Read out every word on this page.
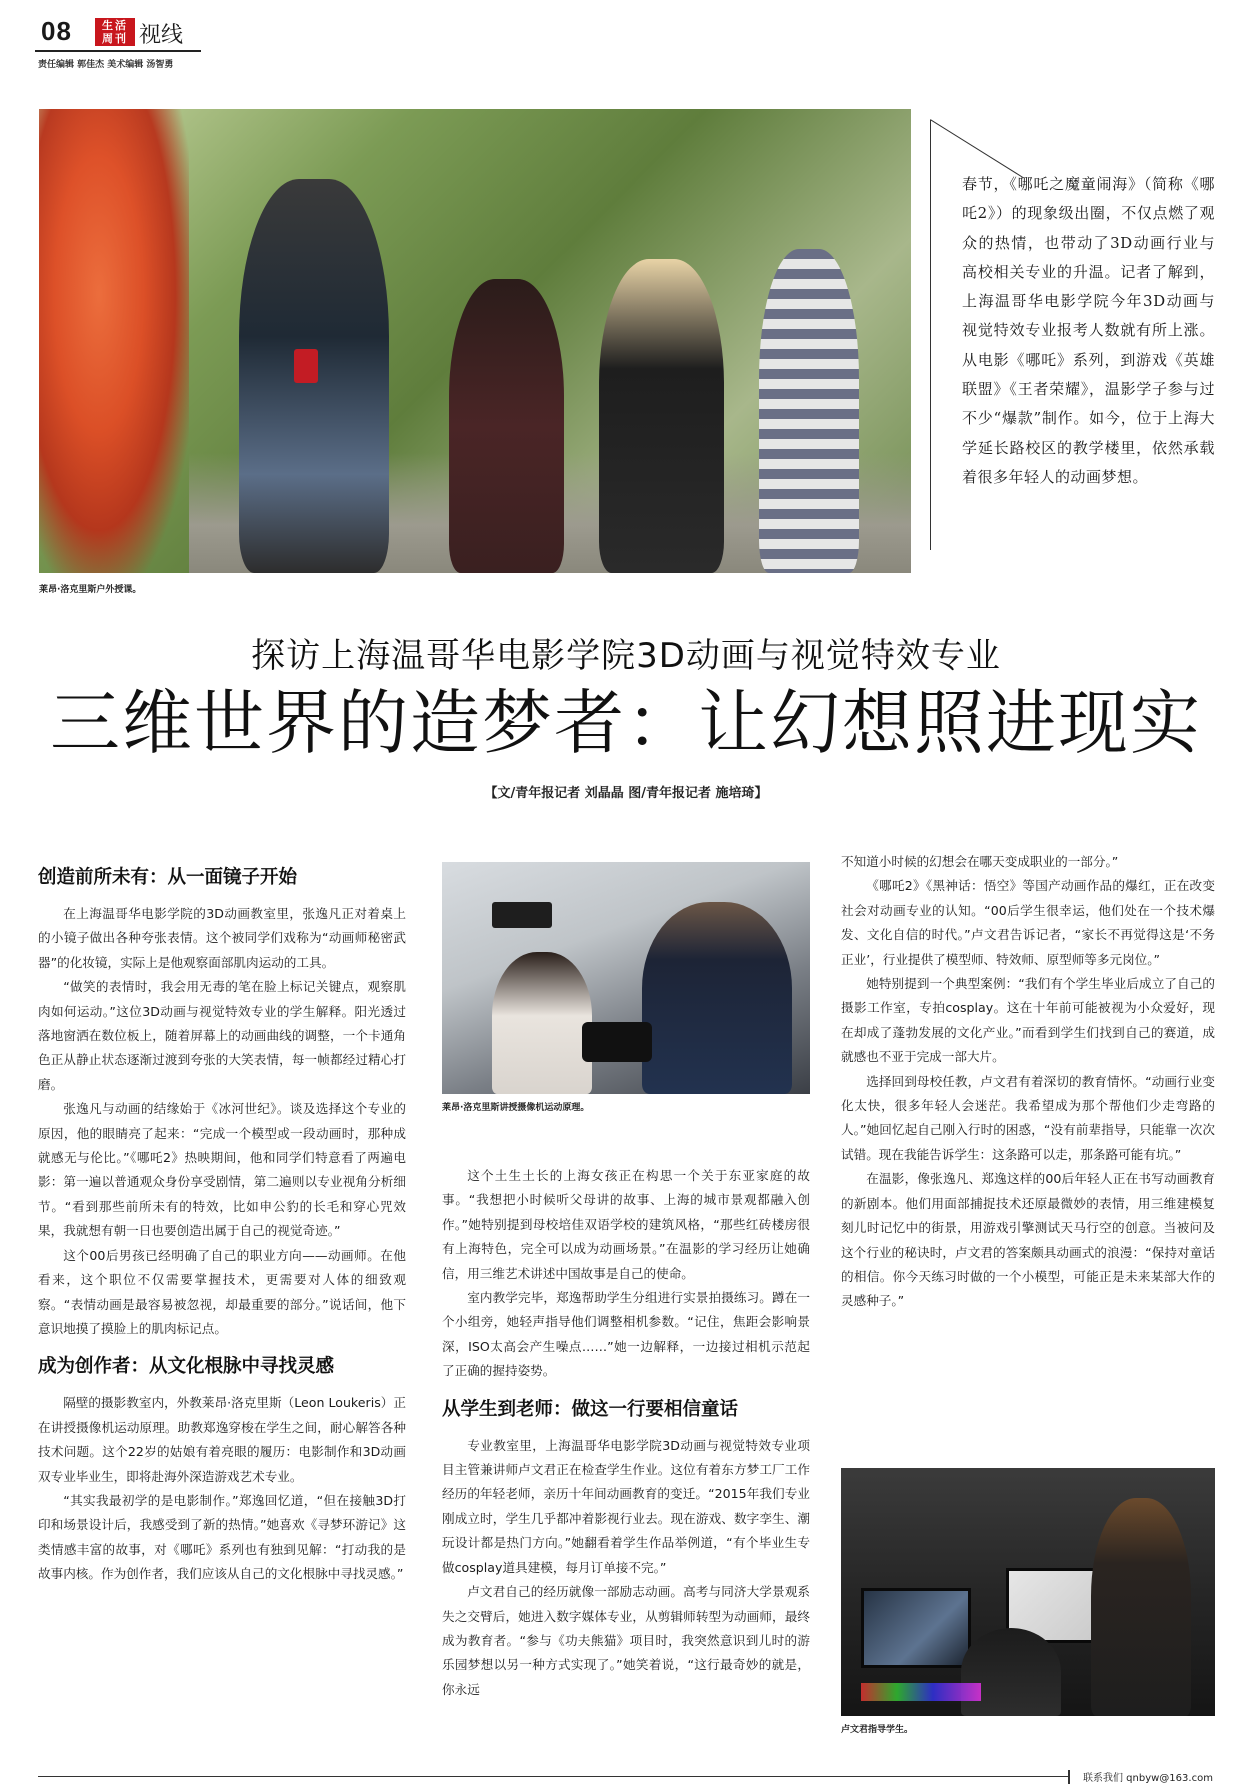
08	生活
周刊 视线
责任编辑 郭佳杰 美术编辑 汤智勇
莱昂·洛克里斯户外授课。

春节，《哪吒之魔童闹海》（简称《哪吒2》）的现象级出圈，不仅点燃了观众的热情，也带动了3D动画行业与高校相关专业的升温。记者了解到，上海温哥华电影学院今年3D动画与视觉特效专业报考人数就有所上涨。从电影《哪吒》系列，到游戏《英雄联盟》《王者荣耀》，温影学子参与过不少“爆款”制作。如今，位于上海大学延长路校区的教学楼里，依然承载着很多年轻人的动画梦想。

探访上海温哥华电影学院3D动画与视觉特效专业
三维世界的造梦者：让幻想照进现实
【文/青年报记者 刘晶晶 图/青年报记者 施培琦】
创造前所未有：从一面镜子开始

在上海温哥华电影学院的3D动画教室里，张逸凡正对着桌上的小镜子做出各种夸张表情。这个被同学们戏称为“动画师秘密武器”的化妆镜，实际上是他观察面部肌肉运动的工具。

“做笑的表情时，我会用无毒的笔在脸上标记关键点，观察肌肉如何运动。”这位3D动画与视觉特效专业的学生解释。阳光透过落地窗洒在数位板上，随着屏幕上的动画曲线的调整，一个卡通角色正从静止状态逐渐过渡到夸张的大笑表情，每一帧都经过精心打磨。

张逸凡与动画的结缘始于《冰河世纪》。谈及选择这个专业的原因，他的眼睛亮了起来：“完成一个模型或一段动画时，那种成就感无与伦比。”《哪吒2》热映期间，他和同学们特意看了两遍电影：第一遍以普通观众身份享受剧情，第二遍则以专业视角分析细节。“看到那些前所未有的特效，比如申公豹的长毛和穿心咒效果，我就想有朝一日也要创造出属于自己的视觉奇迹。”

这个00后男孩已经明确了自己的职业方向——动画师。在他看来，这个职位不仅需要掌握技术，更需要对人体的细致观察。“表情动画是最容易被忽视，却最重要的部分。”说话间，他下意识地摸了摸脸上的肌肉标记点。

成为创作者：从文化根脉中寻找灵感

隔壁的摄影教室内，外教莱昂·洛克里斯（Leon Loukeris）正在讲授摄像机运动原理。助教郑逸穿梭在学生之间，耐心解答各种技术问题。这个22岁的姑娘有着亮眼的履历：电影制作和3D动画双专业毕业生，即将赴海外深造游戏艺术专业。

“其实我最初学的是电影制作。”郑逸回忆道，“但在接触3D打印和场景设计后，我感受到了新的热情。”她喜欢《寻梦环游记》这类情感丰富的故事，对《哪吒》系列也有独到见解：“打动我的是故事内核。作为创作者，我们应该从自己的文化根脉中寻找灵感。”

莱昂·洛克里斯讲授摄像机运动原理。

这个土生土长的上海女孩正在构思一个关于东亚家庭的故事。“我想把小时候听父母讲的故事、上海的城市景观都融入创作。”她特别提到母校培佳双语学校的建筑风格，“那些红砖楼房很有上海特色，完全可以成为动画场景。”在温影的学习经历让她确信，用三维艺术讲述中国故事是自己的使命。

室内教学完毕，郑逸帮助学生分组进行实景拍摄练习。蹲在一个小组旁，她轻声指导他们调整相机参数。“记住，焦距会影响景深，ISO太高会产生噪点……”她一边解释，一边接过相机示范起了正确的握持姿势。

从学生到老师：做这一行要相信童话

专业教室里，上海温哥华电影学院3D动画与视觉特效专业项目主管兼讲师卢文君正在检查学生作业。这位有着东方梦工厂工作经历的年轻老师，亲历十年间动画教育的变迁。“2015年我们专业刚成立时，学生几乎都冲着影视行业去。现在游戏、数字孪生、潮玩设计都是热门方向。”她翻看着学生作品举例道，“有个毕业生专做cosplay道具建模，每月订单接不完。”

卢文君自己的经历就像一部励志动画。高考与同济大学景观系失之交臂后，她进入数字媒体专业，从剪辑师转型为动画师，最终成为教育者。“参与《功夫熊猫》项目时，我突然意识到儿时的游乐园梦想以另一种方式实现了。”她笑着说，“这行最奇妙的就是，你永远

不知道小时候的幻想会在哪天变成职业的一部分。”

《哪吒2》《黑神话：悟空》等国产动画作品的爆红，正在改变社会对动画专业的认知。“00后学生很幸运，他们处在一个技术爆发、文化自信的时代。”卢文君告诉记者，“家长不再觉得这是‘不务正业’，行业提供了模型师、特效师、原型师等多元岗位。”

她特别提到一个典型案例：“我们有个学生毕业后成立了自己的摄影工作室，专拍cosplay。这在十年前可能被视为小众爱好，现在却成了蓬勃发展的文化产业。”而看到学生们找到自己的赛道，成就感也不亚于完成一部大片。

选择回到母校任教，卢文君有着深切的教育情怀。“动画行业变化太快，很多年轻人会迷茫。我希望成为那个帮他们少走弯路的人。”她回忆起自己刚入行时的困惑，“没有前辈指导，只能靠一次次试错。现在我能告诉学生：这条路可以走，那条路可能有坑。”

在温影，像张逸凡、郑逸这样的00后年轻人正在书写动画教育的新剧本。他们用面部捕捉技术还原最微妙的表情，用三维建模复刻儿时记忆中的街景，用游戏引擎测试天马行空的创意。当被问及这个行业的秘诀时，卢文君的答案颇具动画式的浪漫：“保持对童话的相信。你今天练习时做的一个小模型，可能正是未来某部大作的灵感种子。”

卢文君指导学生。
联系我们 qnbyw@163.com
